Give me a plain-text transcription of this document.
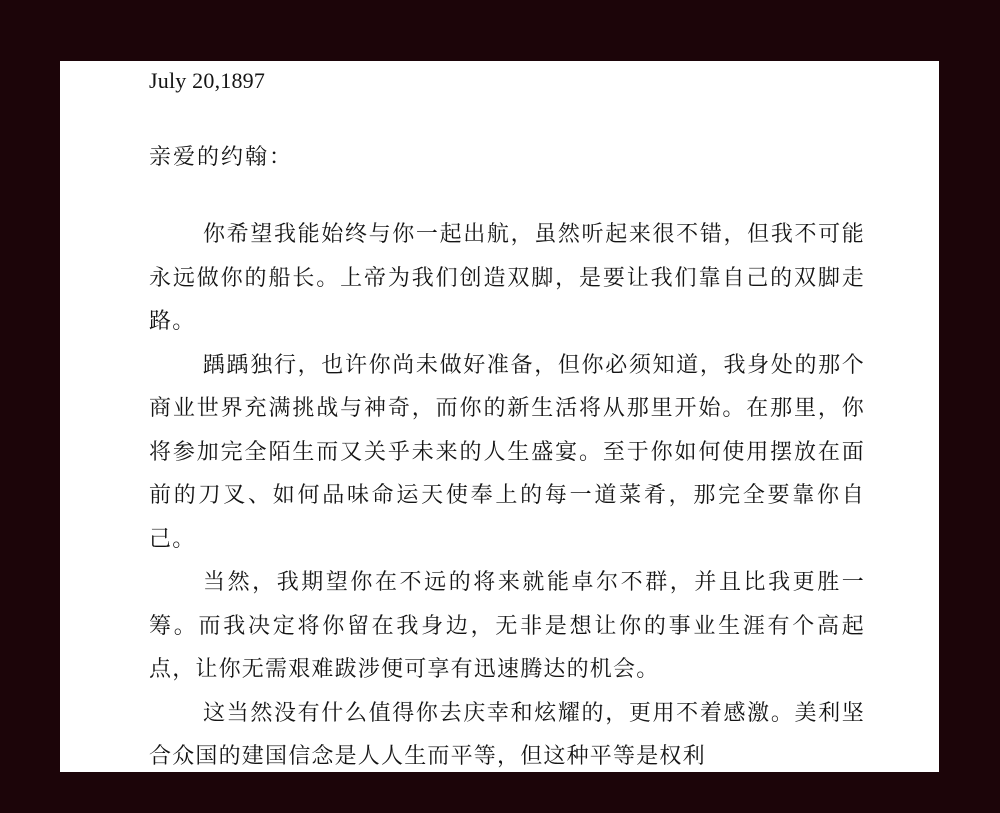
July 20,1897
亲爱的约翰：

你希望我能始终与你一起出航，虽然听起来很不错，但我不可能永远做你的船长。上帝为我们创造双脚，是要让我们靠自己的双脚走路。

踽踽独行，也许你尚未做好准备，但你必须知道，我身处的那个商业世界充满挑战与神奇，而你的新生活将从那里开始。在那里，你将参加完全陌生而又关乎未来的人生盛宴。至于你如何使用摆放在面前的刀叉、如何品味命运天使奉上的每一道菜肴，那完全要靠你自己。

当然，我期望你在不远的将来就能卓尔不群，并且比我更胜一筹。而我决定将你留在我身边，无非是想让你的事业生涯有个高起点，让你无需艰难跋涉便可享有迅速腾达的机会。

这当然没有什么值得你去庆幸和炫耀的，更用不着感激。美利坚合众国的建国信念是人人生而平等，但这种平等是权利
